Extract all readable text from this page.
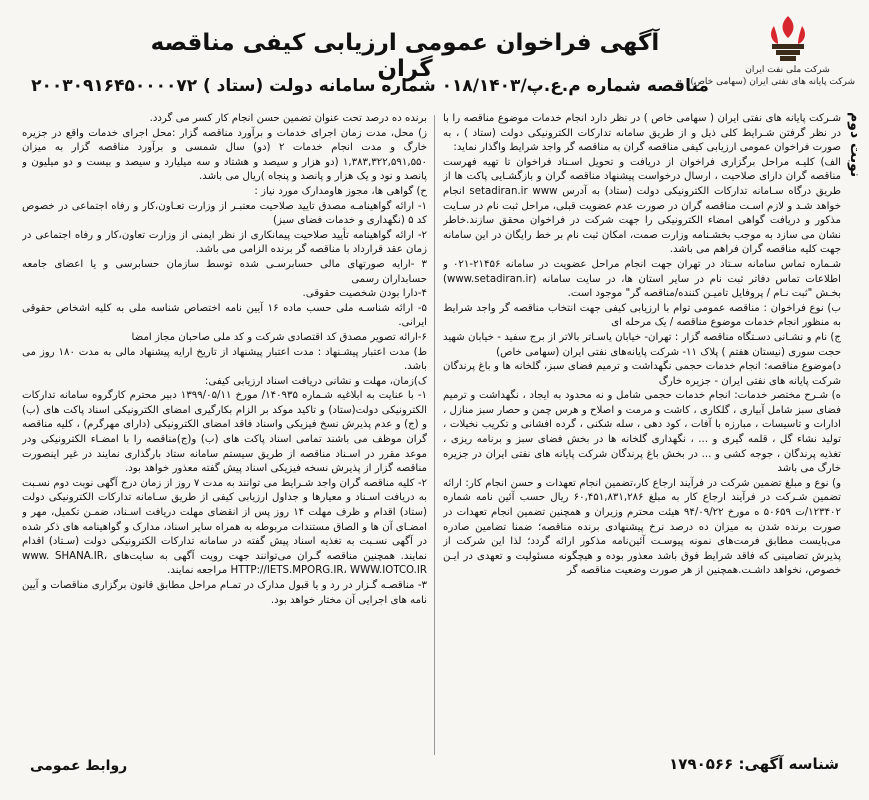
شرکت ملی نفت ایران
شرکت پایانه های نفتی ایران (سهامی خاص)
نوبت دوم
آگهی فراخوان عمومی ارزیابی کیفی مناقصه گران
مناقصه شماره م.ع.پ/۰۱۸/۱۴۰۳ شماره سامانه دولت (ستاد ) ۲۰۰۳۰۹۱۶۴۵۰۰۰۰۷۲

شـرکت پایانه های نفتی ایران ( سهامی خاص ) در نظر دارد انجام خدمات موضوع مناقصه را با در نظر گرفتن شـرایط کلی ذیل و از طریق سامانه تدارکات الکترونیکی دولت (ستاد ) ، به صورت فراخوان عمومی ارزیابی کیفی مناقصه گران به مناقصه گر واجد شرایط واگذار نماید:

الف) کلیـه مراحل برگزاری فراخوان از دریافت و تحویل اسـناد فراخوان تا تهیه فهرست مناقصه گران دارای صلاحیت ، ارسال درخواست پیشنهاد مناقصه گران و بازگشـایی پاکت ها از طریق درگاه سـامانه تدارکات الکترونیکی دولت (ستاد) به آدرس setadiran.ir www انجام خواهد شـد و لازم اسـت مناقصه گران در صورت عدم عضویت قبلی، مراحل ثبت نام در سـایت مذکور و دریافت گواهی امضاء الکترونیکی را جهت شرکت در فراخوان محقق سازند.خاطر نشان می سازد به موجب بخشـنامه وزارت صمت، امکان ثبت نام بر خط رایگان در این سامانه جهت کلیه مناقصه گران فراهم می باشد.

شـماره تماس سامانه سـتاد در تهران جهت انجام مراحل عضویت در سامانه ۲۱۴۵۶-۰۲۱ و اطلاعات تماس دفاتر ثبت نام در سایر استان ها، در سایت سامانه (www.setadiran.ir) بخـش "ثبت نـام / پروفایل تامیـن کننده/مناقصه گر" موجود است.

ب) نوع فراخوان : مناقصه عمومی توام با ارزیابی کیفی جهت انتخاب مناقصه گر واجد شرایط به منظور انجام خدمات موضوع مناقصه / یک مرحله ای

ج) نام و نشـانی دسـتگاه مناقصه گزار : تهران- خیابان یاسـاتر بالاتر از برج سفید - خیابان شهید حجت سوری (نیستان هفتم ) پلاک ۱۱- شرکت پایانه‌های نفتی ایران (سهامی خاص)

د)موضوع مناقصه: انجام خدمات حجمی نگهداشت و ترمیم فضای سبز، گلخانه ها و باغ پرندگان شرکت پایانه های نفتی ایران - جزیره خارگ

ه) شـرح مختصر خدمات: انجام خدمات حجمی شامل و نه محدود به ایجاد ، نگهداشت و ترمیم فضای سبز شامل آبیاری ، گلکاری ، کاشت و مرمت و اصلاح و هرس چمن و حصار سبز منازل ، ادارات و تاسیسات ، مبارزه با آفات ، کود دهی ، سله شکنی ، گرده افشانی و تکریب نخیلات ، تولید نشاء گل ، قلمه گیری و ... ، نگهداری گلخانه ها در بخش فضای سبز و برنامه ریزی ، تغذیه پرندگان ، جوجه کشی و ... در بخش باغ پرندگان شرکت پایانه های نفتی ایران در جزیره خارگ می باشد

و) نوع و مبلغ تضمین شرکت در فرآیند ارجاع کار،تضمین انجام تعهدات و حسن انجام کار: ارائه تضمین شـرکت در فرآیند ارجاع کار به مبلغ ۶۰,۴۵۱,۸۳۱,۲۸۶ ریال حسب آئین نامه شماره ۱۲۳۴۰۲/ت ۵۰۶۵۹ ه مورخ ۹۴/۰۹/۲۲ هیئت محترم وزیران و همچنین تضمین انجام تعهدات در صورت برنده شدن به میزان ده درصد نرخ پیشنهادی برنده مناقصه؛ ضمنا تضامین صادره می‌بایست مطابق فرمت‌های نمونه پیوسـت آئین‌نامه مذکور ارائه گردد؛ لذا این شرکت از پذیرش تضامینی که فاقد شرایط فوق باشد معذور بوده و هیچگونه مسئولیت و تعهدی در ایـن خصوص، نخواهد داشـت.همچنین از هر صورت وضعیت مناقصه گر

برنده ده درصد تحت عنوان تضمین حسن انجام کار کسر می گردد.

ز) محل، مدت زمان اجرای خدمات و برآورد مناقصه گزار :محل اجرای خدمات واقع در جزیره خارگ و مدت انجام خدمات ۲ (دو) سال شمسی و برآورد مناقصه گزار به میزان ۱,۳۸۳,۳۲۲,۵۹۱,۵۵۰ (دو هزار و سیصد و هشتاد و سه میلیارد و سیصد و بیست و دو میلیون و پانصد و نود و یک هزار و پانصد و پنجاه )ریال می باشد.

ح) گواهی ها، مجوز هاومدارک مورد نیاز :

۱- ارائه گواهینامـه مصدق تایید صلاحیت معتبـر از وزارت تعـاون،کار و رفاه اجتماعی در خصوص کد ۵ (نگهداری و خدمات فضای سبز)

۲- ارائه گواهینامه تأیید صلاحیت پیمانکاری از نظر ایمنی از وزارت تعاون،کار و رفاه اجتماعی در زمان عقد قرارداد با مناقصه گر برنده الزامی می باشد.

۳ -ارایه صورتهای مالی حسابرسـی شده توسط سازمان حسابرسی و یا اعضای جامعه حسابداران رسمی

۴-دارا بودن شخصیت حقوقی.

۵- ارائه شناسـه ملی حسب ماده ۱۶ آیین نامه اختصاص شناسه ملی به کلیه اشخاص حقوقی ایرانی.

۶-ارائه تصویر مصدق کد اقتصادی شرکت و کد ملی صاحبان مجاز امضا

ط) مدت اعتبار پیشـنهاد : مدت اعتبار پیشنهاد از تاریخ ارایه پیشنهاد مالی به مدت ۱۸۰ روز می باشد.

ک)زمان، مهلت و نشانی دریافت اسناد ارزیابی کیفی:

۱- با عنایت به ابلاغیه شـماره ۱۴۰۹۳۵/ مورخ ۱۳۹۹/۰۵/۱۱ دبیر محترم کارگروه سامانه تدارکات الکترونیکی دولت(ستاد) و تاکید موکد بر الزام بکارگیری امضای الکترونیکی اسناد پاکت های (ب) و (ج) و عدم پذیرش نسخ فیزیکی واسناد فاقد امضای الکترونیکی (دارای مهرگرم) ، کلیه مناقصه گران موظف می باشند تمامی اسناد پاکت های (ب) و(ج)مناقصه را با امضـاء الکترونیکی ودر موعد مقرر در اسـناد مناقصه از طریق سیستم سامانه ستاد بارگذاری نمایند در غیر اینصورت مناقصه گزار از پذیرش نسخه فیزیکی اسناد پیش گفته معذور خواهد بود.

۲- کلیه مناقصه گران واجد شـرایط می توانند به مدت ۷ روز از زمان درج آگهی نوبت دوم نسـبت به دریافت اسـناد و معیارها و جداول ارزیابی کیفی از طریق سـامانه تدارکات الکترونیکی دولت (ستاد) اقدام و ظرف مهلت ۱۴ روز پس از انقضای مهلت دریافت اسـناد، ضمـن تکمیل، مهر و امضـای آن ها و الصاق مستندات مربوطه به همراه سایر اسناد، مدارک و گواهینامه های ذکر شده در آگهی نسـبت به تغذیه اسناد پیش گفته در سامانه تدارکات الکترونیکی دولت (سـتاد) اقدام نمایند. همچنین مناقصه گـران می‌توانند جهت رویت آگهی به سایت‌های www. SHANA.IR، HTTP://IETS.MPORG.IR، WWW.IOTCO.IR مراجعه نمایند.

۳- مناقصـه گـزار در رد و یا قبول مدارک در تمـام مراحل مطابق قانون برگزاری مناقصات و آیین نامه های اجرایی آن مختار خواهد بود.

شناسه آگهی: ۱۷۹۰۵۶۶
روابط عمومی
